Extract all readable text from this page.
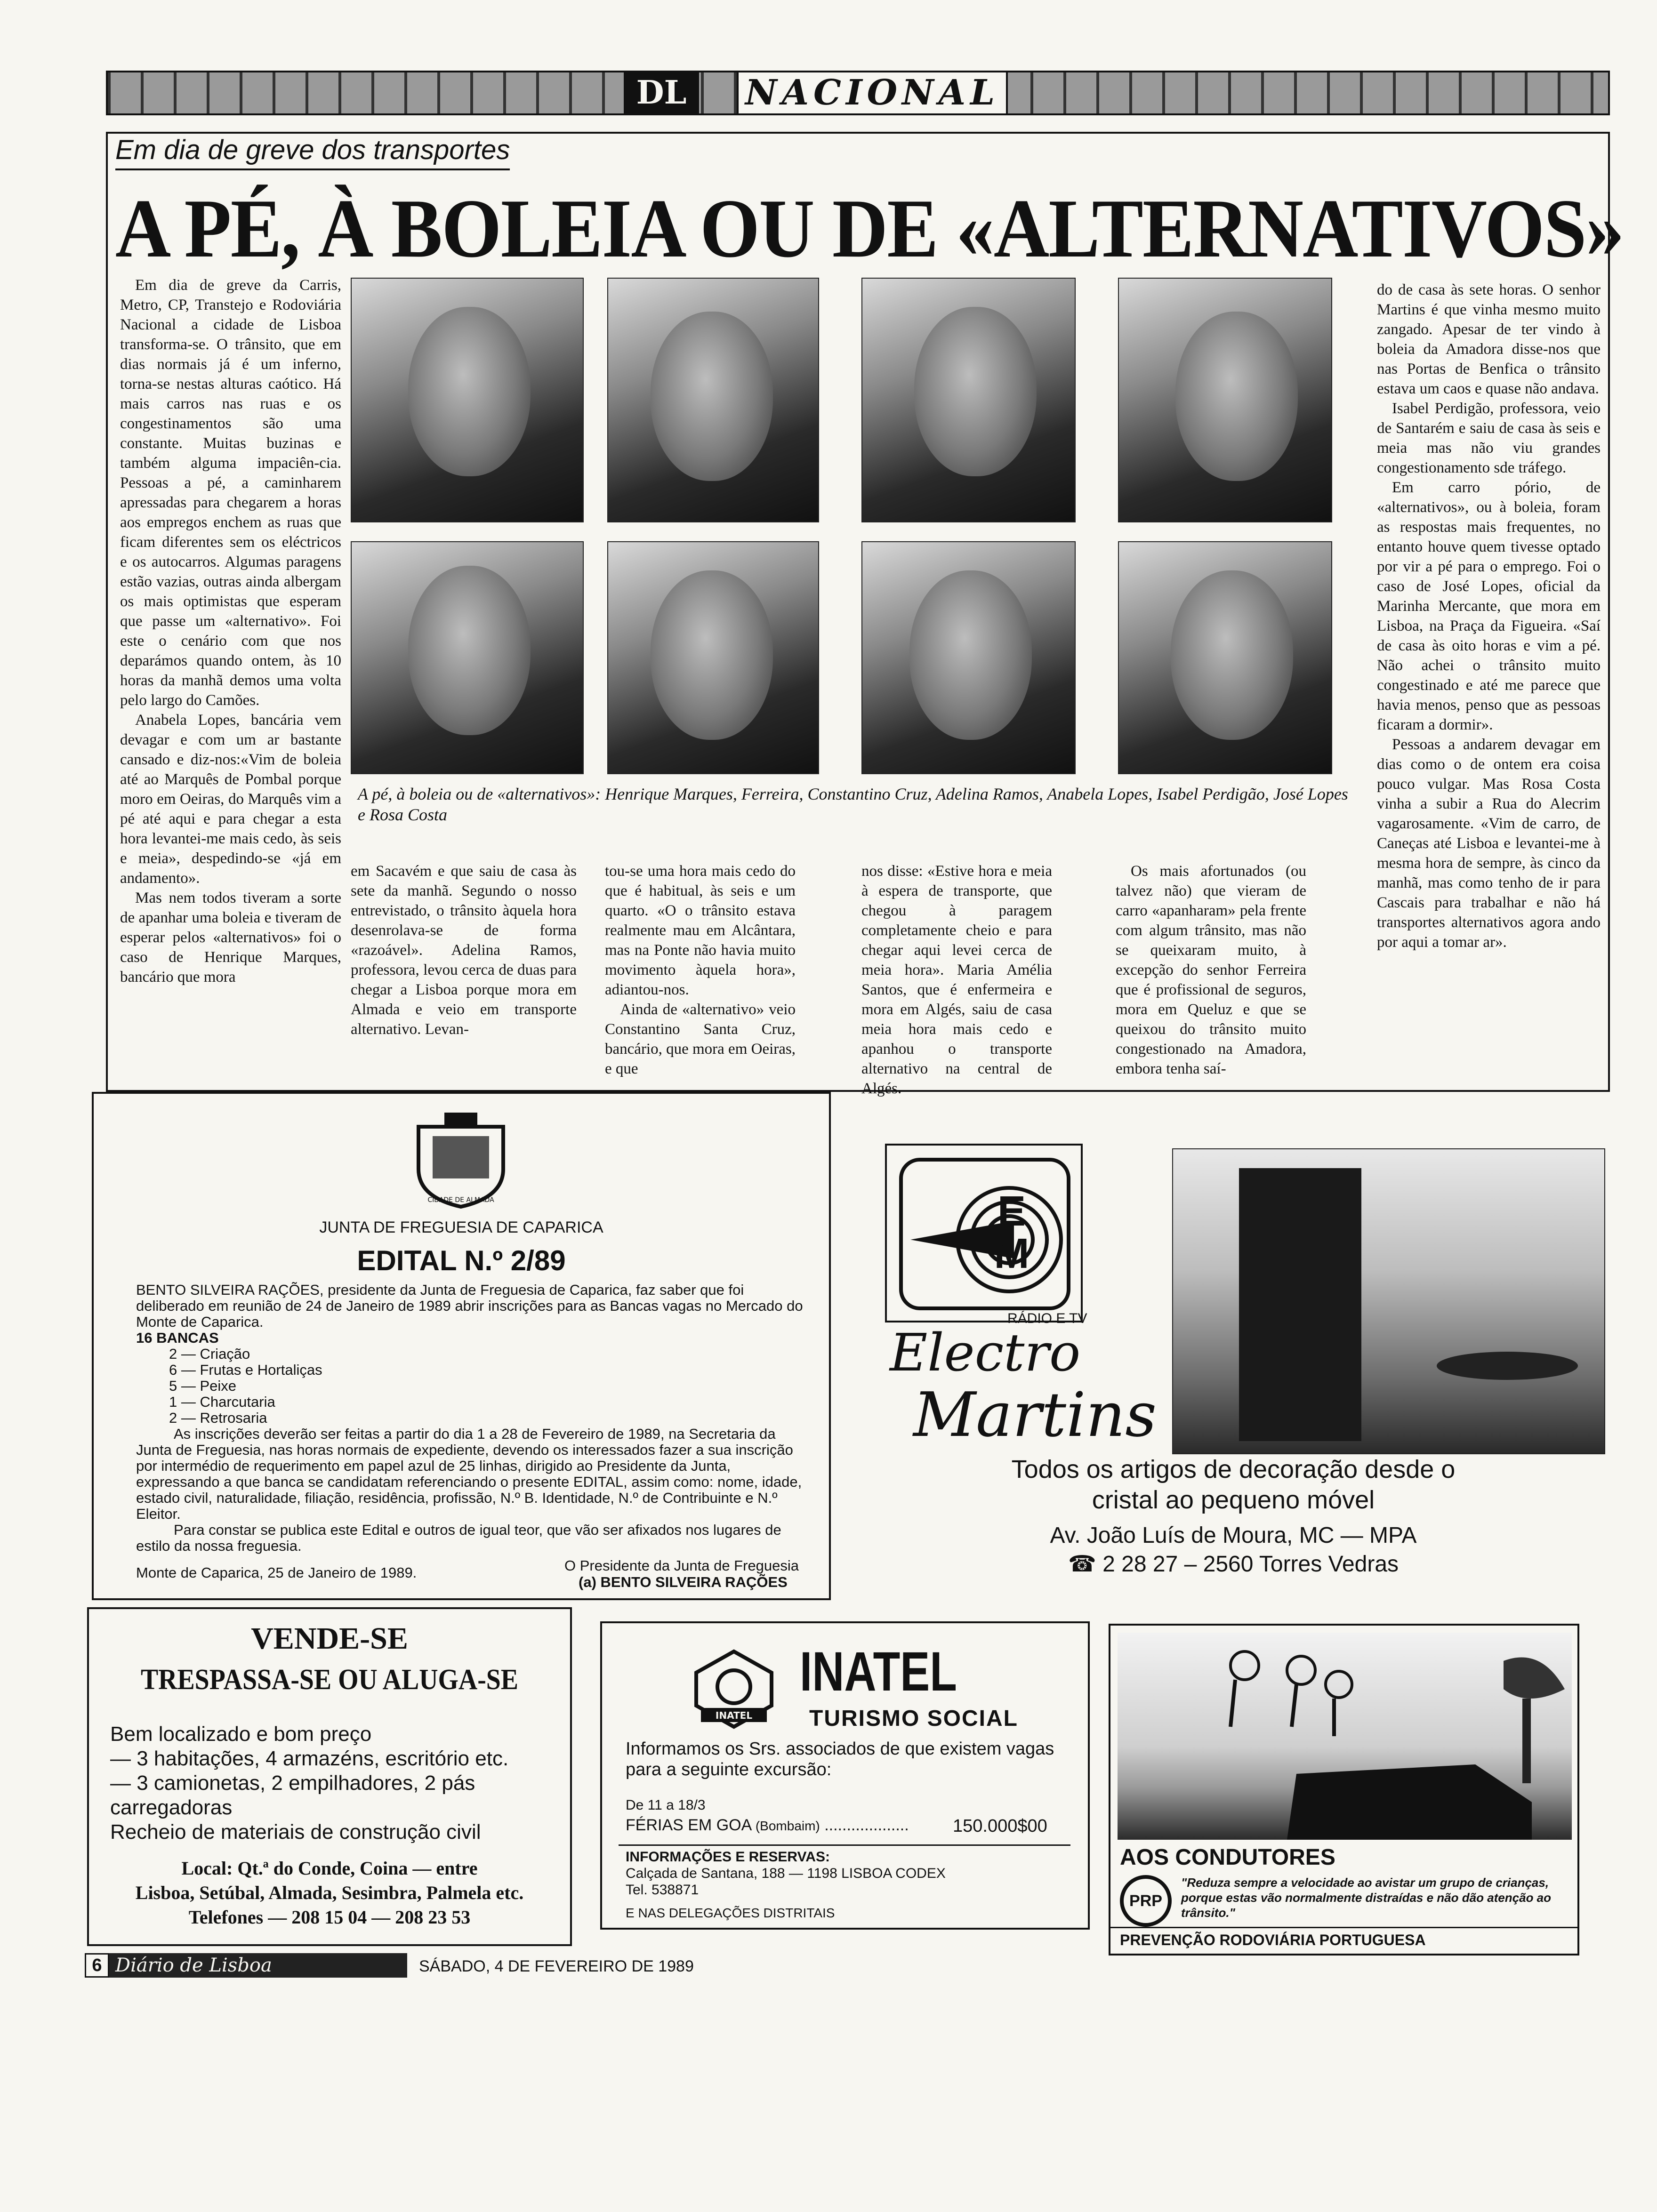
DL	NACIONAL
Em dia de greve dos transportes
A PÉ, À BOLEIA OU DE «ALTERNATIVOS»

Em dia de greve da Carris, Metro, CP, Transtejo e Rodoviária Nacional a cidade de Lisboa transforma-se. O trânsito, que em dias normais já é um inferno, torna-se nestas alturas caótico. Há mais carros nas ruas e os congestinamentos são uma constante. Muitas buzinas e também alguma impaciên-cia. Pessoas a pé, a caminharem apressadas para chegarem a horas aos empregos enchem as ruas que ficam diferentes sem os eléctricos e os autocarros. Algumas paragens estão vazias, outras ainda albergam os mais optimistas que esperam que passe um «alternativo». Foi este o cenário com que nos deparámos quando ontem, às 10 horas da manhã demos uma volta pelo largo do Camões.

Anabela Lopes, bancária vem devagar e com um ar bastante cansado e diz-nos:«Vim de boleia até ao Marquês de Pombal porque moro em Oeiras, do Marquês vim a pé até aqui e para chegar a esta hora levantei-me mais cedo, às seis e meia», despedindo-se «já em andamento».

Mas nem todos tiveram a sorte de apanhar uma boleia e tiveram de esperar pelos «alternativos» foi o caso de Henrique Marques, bancário que mora

A pé, à boleia ou de «alternativos»: Henrique Marques, Ferreira, Constantino Cruz, Adelina Ramos, Anabela Lopes, Isabel Perdigão, José Lopes e Rosa Costa

em Sacavém e que saiu de casa às sete da manhã. Segundo o nosso entrevistado, o trânsito àquela hora desenrolava-se de forma «razoável». Adelina Ramos, professora, levou cerca de duas para chegar a Lisboa porque mora em Almada e veio em transporte alternativo. Levan-

tou-se uma hora mais cedo do que é habitual, às seis e um quarto. «O o trânsito estava realmente mau em Alcântara, mas na Ponte não havia muito movimento àquela hora», adiantou-nos.

Ainda de «alternativo» veio Constantino Santa Cruz, bancário, que mora em Oeiras, e que

nos disse: «Estive hora e meia à espera de transporte, que chegou à paragem completamente cheio e para chegar aqui levei cerca de meia hora». Maria Amélia Santos, que é enfermeira e mora em Algés, saiu de casa meia hora mais cedo e apanhou o transporte alternativo na central de Algés.

Os mais afortunados (ou talvez não) que vieram de carro «apanharam» pela frente com algum trânsito, mas não se queixaram muito, à excepção do senhor Ferreira que é profissional de seguros, mora em Queluz e que se queixou do trânsito muito congestionado na Amadora, embora tenha saí-

do de casa às sete horas. O senhor Martins é que vinha mesmo muito zangado. Apesar de ter vindo à boleia da Amadora disse-nos que nas Portas de Benfica o trânsito estava um caos e quase não andava.

Isabel Perdigão, professora, veio de Santarém e saiu de casa às seis e meia mas não viu grandes congestionamento sde tráfego.

Em carro pório, de «alternativos», ou à boleia, foram as respostas mais frequentes, no entanto houve quem tivesse optado por vir a pé para o emprego. Foi o caso de José Lopes, oficial da Marinha Mercante, que mora em Lisboa, na Praça da Figueira. «Saí de casa às oito horas e vim a pé. Não achei o trânsito muito congestinado e até me parece que havia menos, penso que as pessoas ficaram a dormir».

Pessoas a andarem devagar em dias como o de ontem era coisa pouco vulgar. Mas Rosa Costa vinha a subir a Rua do Alecrim vagarosamente. «Vim de carro, de Caneças até Lisboa e levantei-me à mesma hora de sempre, às cinco da manhã, mas como tenho de ir para Cascais para trabalhar e não há transportes alternativos agora ando por aqui a tomar ar».

CIDADE DE ALMADA
JUNTA DE FREGUESIA DE CAPARICA
EDITAL N.º 2/89
BENTO SILVEIRA RAÇÕES, presidente da Junta de Freguesia de Caparica, faz saber que foi deliberado em reunião de 24 de Janeiro de 1989 abrir inscrições para as Bancas vagas no Mercado do Monte de Caparica.
16 BANCAS
2 — Criação
6 — Frutas e Hortaliças
5 — Peixe
1 — Charcutaria
2 — Retrosaria
As inscrições deverão ser feitas a partir do dia 1 a 28 de Fevereiro de 1989, na Secretaria da Junta de Freguesia, nas horas normais de expediente, devendo os interessados fazer a sua inscrição por intermédio de requerimento em papel azul de 25 linhas, dirigido ao Presidente da Junta, expressando a que banca se candidatam referenciando o presente EDITAL, assim como: nome, idade, estado civil, naturalidade, filiação, residência, profissão, N.º B. Identidade, N.º de Contribuinte e N.º Eleitor.
Para constar se publica este Edital e outros de igual teor, que vão ser afixados nos lugares de estilo da nossa freguesia.
Monte de Caparica, 25 de Janeiro de 1989.	O Presidente da Junta de Freguesia
(a) BENTO SILVEIRA RAÇÕES
E M
RÁDIO E TV
Electro
Martins
Todos os artigos de decoração desde o
cristal ao pequeno móvel
Av. João Luís de Moura, MC — MPA
☎ 2 28 27 – 2560 Torres Vedras
VENDE-SE
TRESPASSA-SE OU ALUGA-SE
Bem localizado e bom preço
— 3 habitações, 4 armazéns, escritório etc.
— 3 camionetas, 2 empilhadores, 2 pás carregadoras
Recheio de materiais de construção civil
Local: Qt.ª do Conde, Coina — entre
Lisboa, Setúbal, Almada, Sesimbra, Palmela etc.
Telefones — 208 15 04 — 208 23 53
INATEL
INATEL
TURISMO SOCIAL
Informamos os Srs. associados de que existem vagas para a seguinte excursão:
De 11 a 18/3
FÉRIAS EM GOA (Bombaim) ................... 150.000$00
INFORMAÇÕES E RESERVAS:
Calçada de Santana, 188 — 1198 LISBOA CODEX
Tel. 538871
E NAS DELEGAÇÕES DISTRITAIS
AOS CONDUTORES
PRP
"Reduza sempre a velocidade ao avistar um grupo de crianças, porque estas vão normalmente distraídas e não dão atenção ao trânsito."
PREVENÇÃO RODOVIÁRIA PORTUGUESA
6 Diário de Lisboa	SÁBADO, 4 DE FEVEREIRO DE 1989
